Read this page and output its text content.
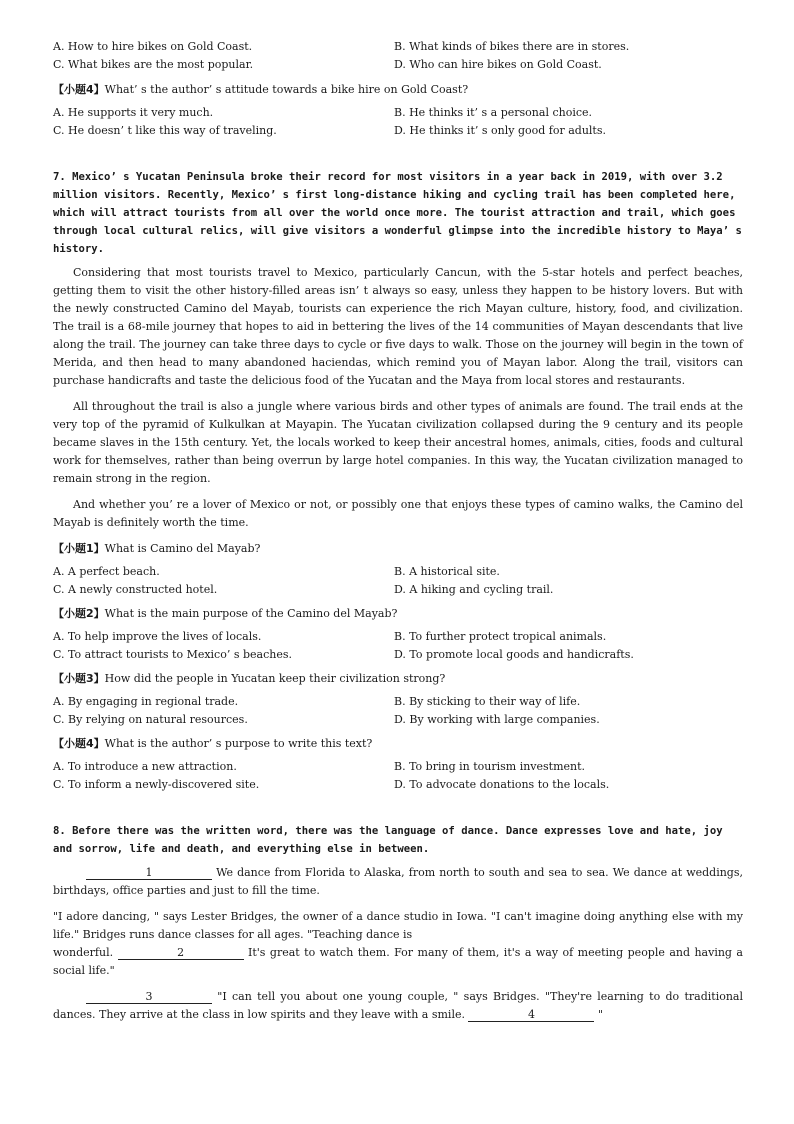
A. How to hire bikes on Gold Coast.	B. What kinds of bikes there are in stores.
C. What bikes are the most popular.	D. Who can hire bikes on Gold Coast.
【小题4】What’ s the author’ s attitude towards a bike hire on Gold Coast?
A. He supports it very much.	B. He thinks it’ s a personal choice.
C. He doesn’ t like this way of traveling.	D. He thinks it’ s only good for adults.
7. Mexico’ s Yucatan Peninsula broke their record for most visitors in a year back in 2019, with over 3.2 million visitors. Recently, Mexico’ s first long-distance hiking and cycling trail has been completed here, which will attract tourists from all over the world once more. The tourist attraction and trail, which goes through local cultural relics, will give visitors a wonderful glimpse into the incredible history to Maya’ s history.
Considering that most tourists travel to Mexico, particularly Cancun, with the 5-star hotels and perfect beaches, getting them to visit the other history-filled areas isn’ t always so easy, unless they happen to be history lovers. But with the newly constructed Camino del Mayab, tourists can experience the rich Mayan culture, history, food, and civilization. The trail is a 68-mile journey that hopes to aid in bettering the lives of the 14 communities of Mayan descendants that live along the trail. The journey can take three days to cycle or five days to walk. Those on the journey will begin in the town of Merida, and then head to many abandoned haciendas, which remind you of Mayan labor. Along the trail, visitors can purchase handicrafts and taste the delicious food of the Yucatan and the Maya from local stores and restaurants.
All throughout the trail is also a jungle where various birds and other types of animals are found. The trail ends at the very top of the pyramid of Kulkulkan at Mayapin. The Yucatan civilization collapsed during the 9 century and its people became slaves in the 15th century. Yet, the locals worked to keep their ancestral homes, animals, cities, foods and cultural work for themselves, rather than being overrun by large hotel companies. In this way, the Yucatan civilization managed to remain strong in the region.
And whether you’ re a lover of Mexico or not, or possibly one that enjoys these types of camino walks, the Camino del Mayab is definitely worth the time.
【小题1】What is Camino del Mayab?
A. A perfect beach.	B. A historical site.
C. A newly constructed hotel.	D. A hiking and cycling trail.
【小题2】What is the main purpose of the Camino del Mayab?
A. To help improve the lives of locals.	B. To further protect tropical animals.
C. To attract tourists to Mexico’ s beaches.	D. To promote local goods and handicrafts.
【小题3】How did the people in Yucatan keep their civilization strong?
A. By engaging in regional trade.	B. By sticking to their way of life.
C. By relying on natural resources.	D. By working with large companies.
【小题4】What is the author’ s purpose to write this text?
A. To introduce a new attraction.	B. To bring in tourism investment.
C. To inform a newly-discovered site.	D. To advocate donations to the locals.
8. Before there was the written word, there was the language of dance. Dance expresses love and hate, joy and sorrow, life and death, and everything else in between.
1	We dance from Florida to Alaska, from north to south and sea to sea. We dance at weddings, birthdays, office parties and just to fill the time.
"I adore dancing, " says Lester Bridges, the owner of a dance studio in Iowa. "I can't imagine doing anything else with my life." Bridges runs dance classes for all ages. "Teaching dance is
wonderful.	2	It's great to watch them. For many of them, it's a way of meeting people and having a social life."
3	"I can tell you about one young couple, " says Bridges. "They're learning to do traditional dances. They arrive at the class in low spirits and they leave with a smile.	4	"
